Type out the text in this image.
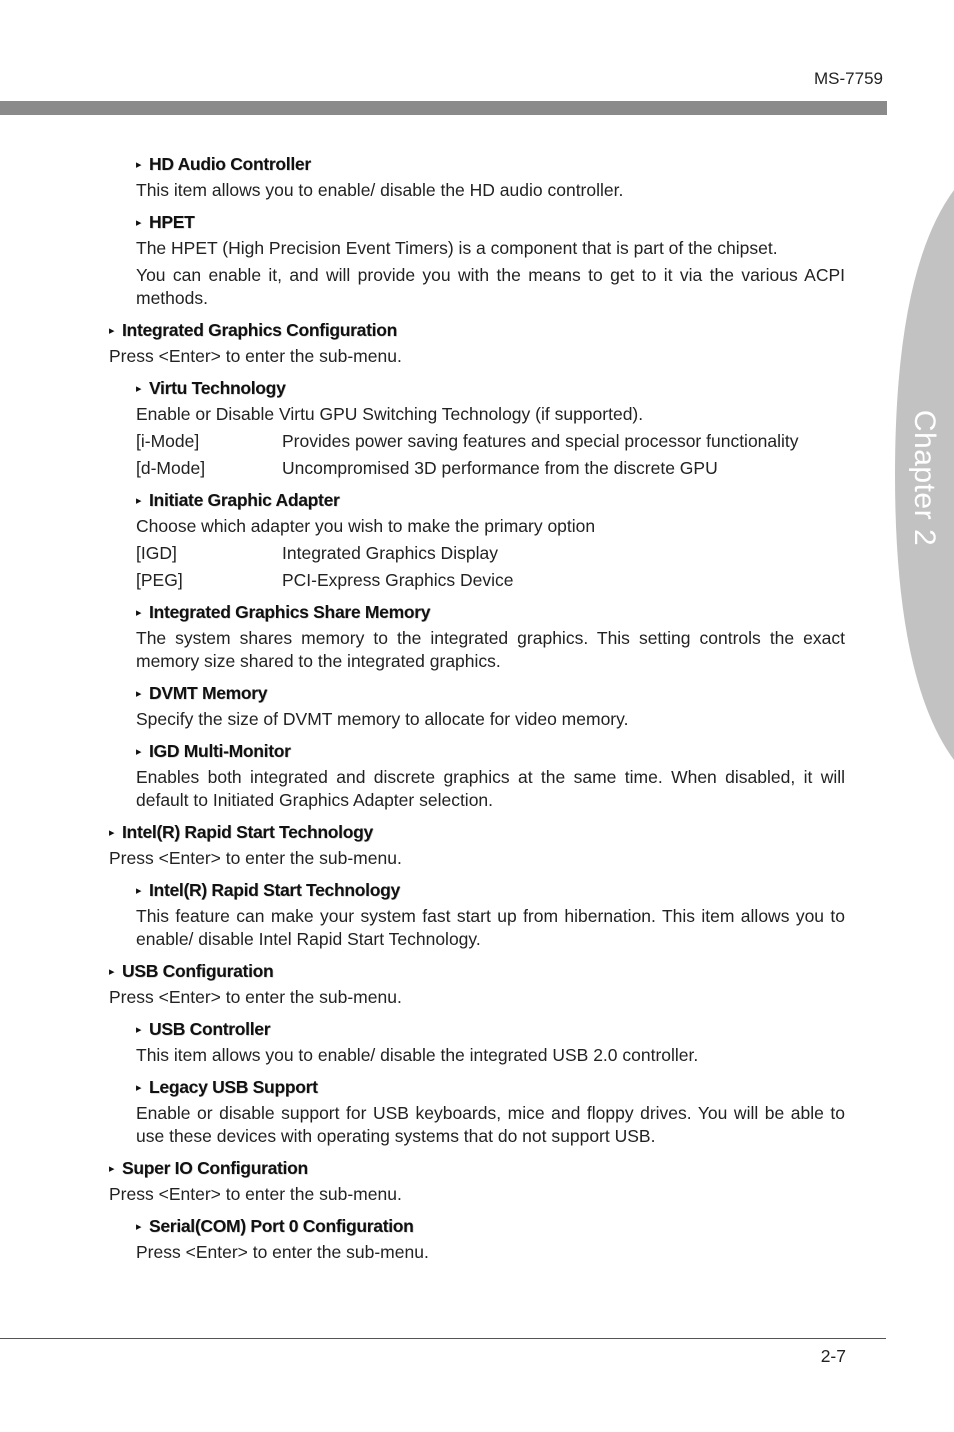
MS-7759
Chapter 2
▸ HD Audio Controller

This item allows you to enable/ disable the HD audio controller.

▸ HPET

The HPET (High Precision Event Timers) is a component that is part of the chipset.

You can enable it, and will provide you with the means to get to it via the various ACPI methods.

▸ Integrated Graphics Configuration

Press <Enter> to enter the sub-menu.

▸ Virtu Technology

Enable or Disable Virtu GPU Switching Technology (if supported).

[i-Mode]	Provides power saving features and special processor functionality
[d-Mode]	Uncompromised 3D performance from the discrete GPU
▸ Initiate Graphic Adapter

Choose which adapter you wish to make the primary option

[IGD]	Integrated Graphics Display
[PEG]	PCI-Express Graphics Device
▸ Integrated Graphics Share Memory

The system shares memory to the integrated graphics. This setting controls the exact memory size shared to the integrated graphics.

▸ DVMT Memory

Specify the size of DVMT memory to allocate for video memory.

▸ IGD Multi-Monitor

Enables both integrated and discrete graphics at the same time. When disabled, it will default to Initiated Graphics Adapter selection.

▸ Intel(R) Rapid Start Technology

Press <Enter> to enter the sub-menu.

▸ Intel(R) Rapid Start Technology

This feature can make your system fast start up from hibernation. This item allows you to enable/ disable Intel Rapid Start Technology.

▸ USB Configuration

Press <Enter> to enter the sub-menu.

▸ USB Controller

This item allows you to enable/ disable the integrated USB 2.0 controller.

▸ Legacy USB Support

Enable or disable support for USB keyboards, mice and floppy drives. You will be able to use these devices with operating systems that do not support USB.

▸ Super IO Configuration

Press <Enter> to enter the sub-menu.

▸ Serial(COM) Port 0 Configuration

Press <Enter> to enter the sub-menu.

2-7
